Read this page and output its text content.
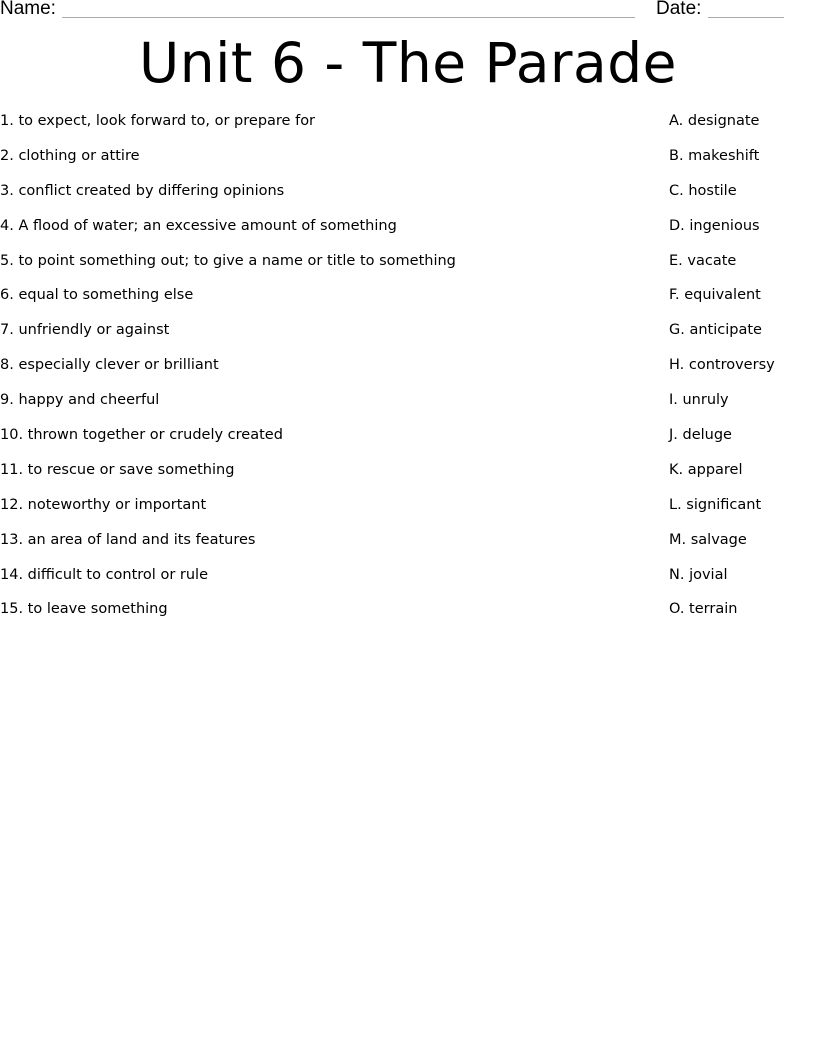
Name:	Date:
Unit 6 - The Parade
1. to expect, look forward to, or prepare for	A. designate
2. clothing or attire	B. makeshift
3. conflict created by differing opinions	C. hostile
4. A flood of water; an excessive amount of something	D. ingenious
5. to point something out; to give a name or title to something	E. vacate
6. equal to something else	F. equivalent
7. unfriendly or against	G. anticipate
8. especially clever or brilliant	H. controversy
9. happy and cheerful	I. unruly
10. thrown together or crudely created	J. deluge
11. to rescue or save something	K. apparel
12. noteworthy or important	L. significant
13. an area of land and its features	M. salvage
14. difficult to control or rule	N. jovial
15. to leave something	O. terrain
